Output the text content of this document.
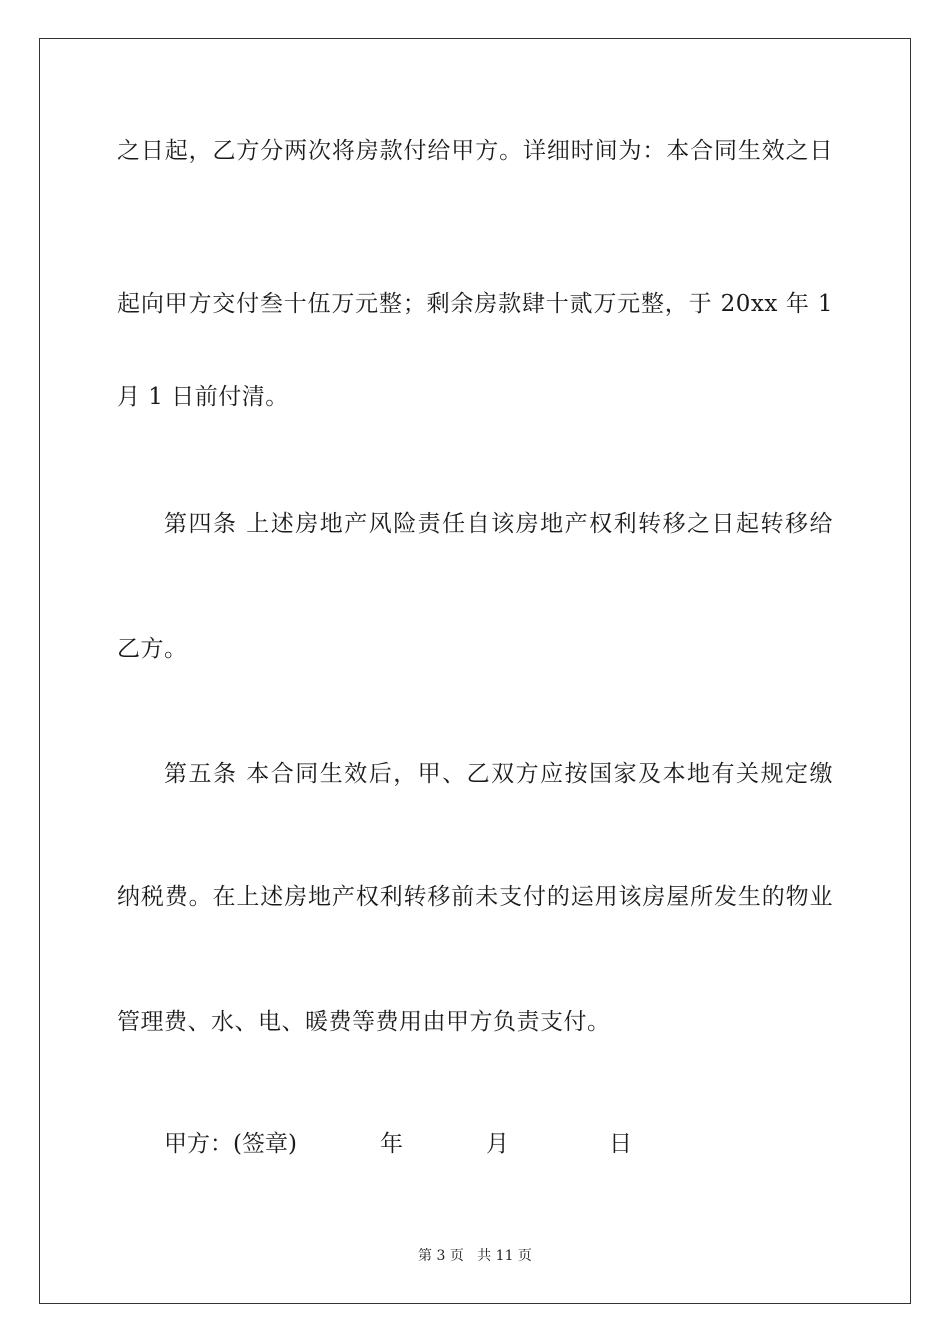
之日起，乙方分两次将房款付给甲方。详细时间为：本合同生效之日
起向甲方交付叁十伍万元整；剩余房款肆十贰万元整，于 20xx 年 1
月 1 日前付清。
第四条 上述房地产风险责任自该房地产权利转移之日起转移给
乙方。
第五条 本合同生效后，甲、乙双方应按国家及本地有关规定缴
纳税费。在上述房地产权利转移前未支付的运用该房屋所发生的物业
管理费、水、电、暖费等费用由甲方负责支付。
甲方：(签章)	年	月	日
第 3 页 共 11 页
